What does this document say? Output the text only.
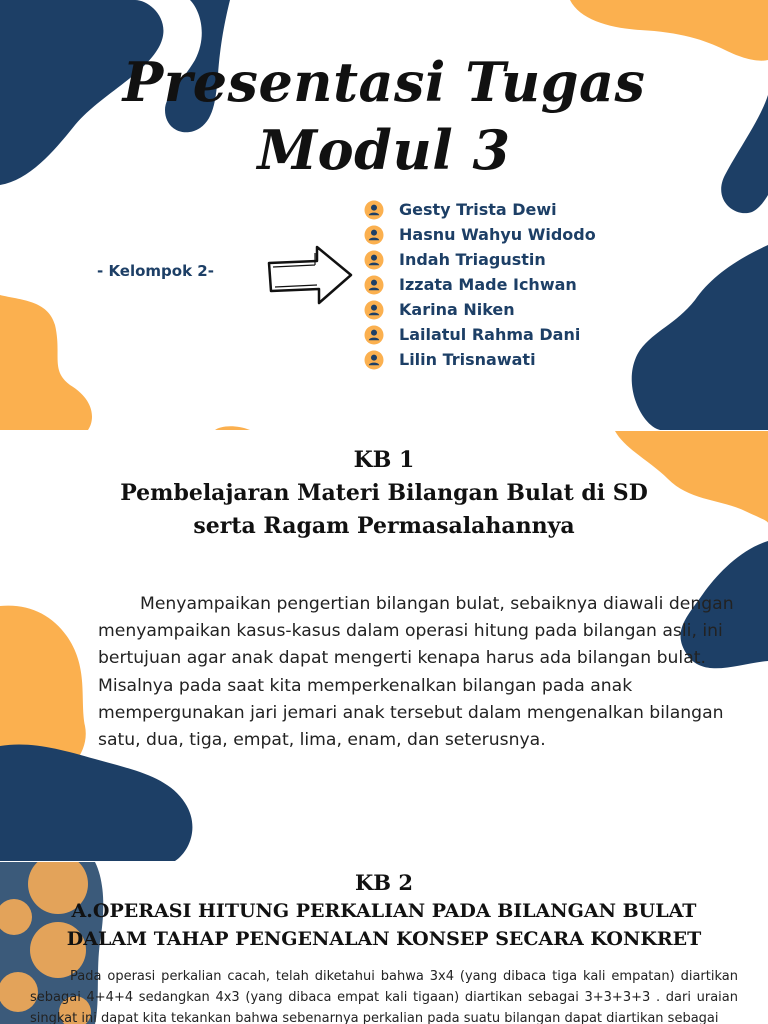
Presentasi Tugas
Modul 3
- Kelompok 2-
Gesty Trista Dewi
Hasnu Wahyu Widodo
Indah Triagustin
Izzata Made Ichwan
Karina Niken
Lailatul Rahma Dani
Lilin Trisnawati
KB 1
Pembelajaran Materi Bilangan Bulat di SD
serta Ragam Permasalahannya

Menyampaikan pengertian bilangan bulat, sebaiknya diawali dengan menyampaikan kasus-kasus dalam operasi hitung pada bilangan asli, ini bertujuan agar anak dapat mengerti kenapa harus ada bilangan bulat. Misalnya pada saat kita memperkenalkan bilangan pada anak mempergunakan jari jemari anak tersebut dalam mengenalkan bilangan satu, dua, tiga, empat, lima, enam, dan seterusnya.

KB 2
A.OPERASI HITUNG PERKALIAN PADA BILANGAN BULAT
DALAM TAHAP PENGENALAN KONSEP SECARA KONKRET

Pada operasi perkalian cacah, telah diketahui bahwa 3x4 (yang dibaca tiga kali empatan) diartikan sebagai 4+4+4 sedangkan 4x3 (yang dibaca empat kali tigaan) diartikan sebagai 3+3+3+3 . dari uraian singkat ini dapat kita tekankan bahwa sebenarnya perkalian pada suatu bilangan dapat diartikan sebagai
